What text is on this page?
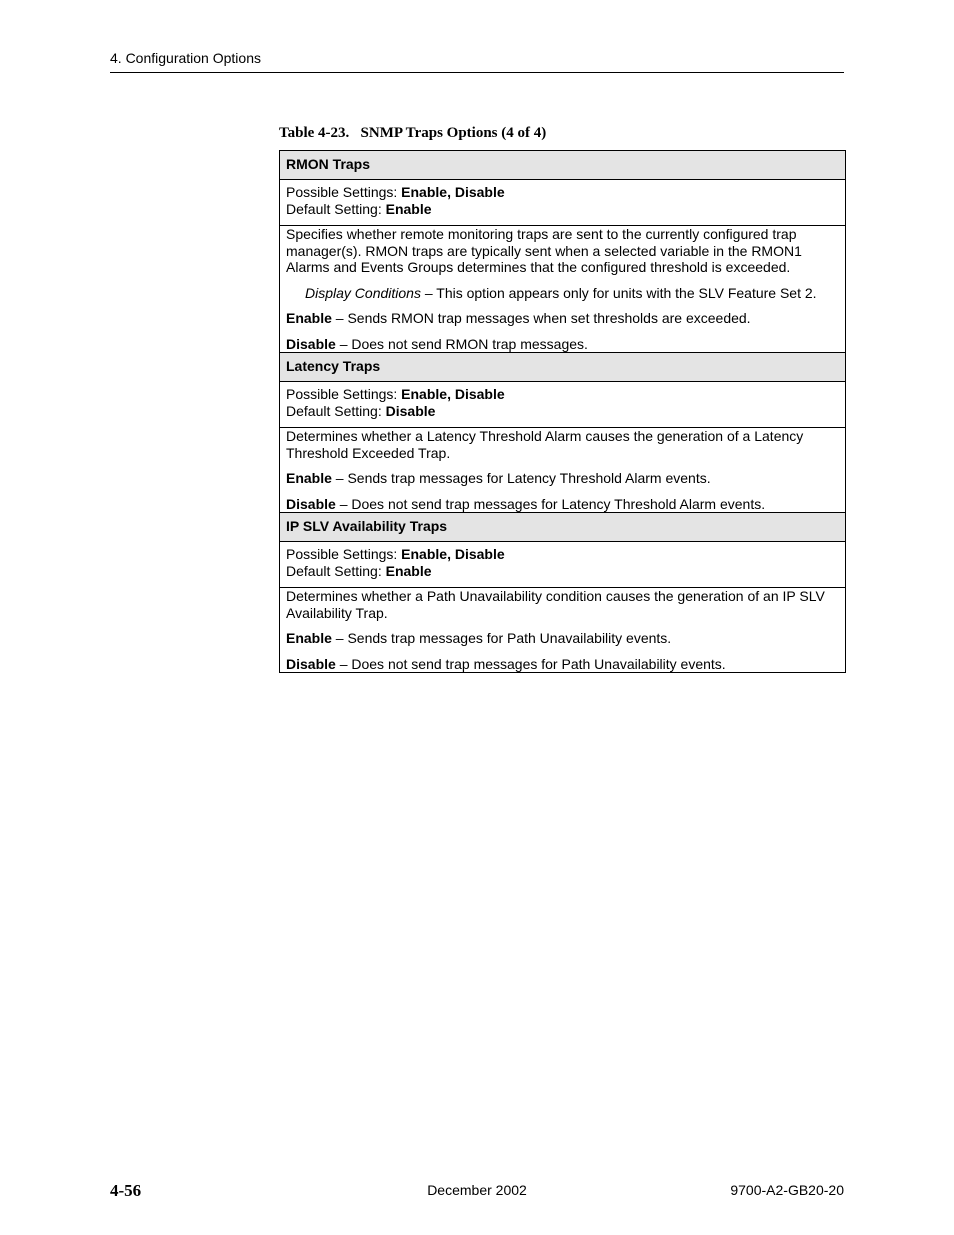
4. Configuration Options
Table 4-23.   SNMP Traps Options (4 of 4)
RMON Traps

Possible Settings: Enable, Disable
Default Setting: Enable

Specifies whether remote monitoring traps are sent to the currently configured trap manager(s). RMON traps are typically sent when a selected variable in the RMON1 Alarms and Events Groups determines that the configured threshold is exceeded.

Display Conditions – This option appears only for units with the SLV Feature Set 2.

Enable – Sends RMON trap messages when set thresholds are exceeded.

Disable – Does not send RMON trap messages.

Latency Traps

Possible Settings: Enable, Disable
Default Setting: Disable

Determines whether a Latency Threshold Alarm causes the generation of a Latency Threshold Exceeded Trap.

Enable – Sends trap messages for Latency Threshold Alarm events.

Disable – Does not send trap messages for Latency Threshold Alarm events.

IP SLV Availability Traps

Possible Settings: Enable, Disable
Default Setting: Enable

Determines whether a Path Unavailability condition causes the generation of an IP SLV Availability Trap.

Enable – Sends trap messages for Path Unavailability events.

Disable – Does not send trap messages for Path Unavailability events.

4-56	December 2002	9700-A2-GB20-20
